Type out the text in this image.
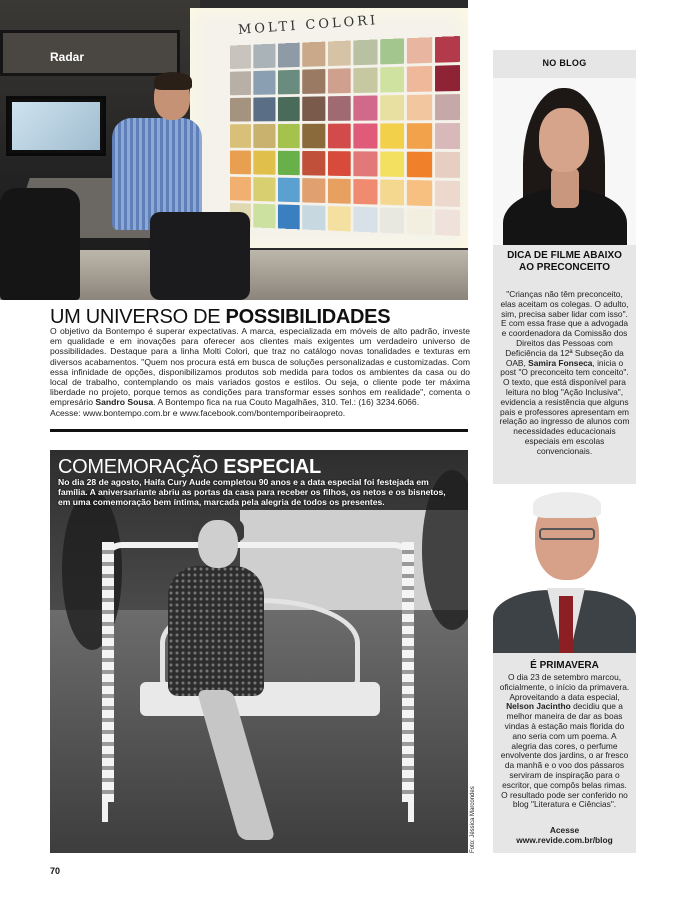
MOLTI COLORI
Radar
UM UNIVERSO DE POSSIBILIDADES
O objetivo da Bontempo é superar expectativas. A marca, especializada em móveis de alto padrão, investe em qualidade e em inovações para oferecer aos clientes mais exigentes um verdadeiro universo de possibilidades. Destaque para a linha Molti Colori, que traz no catálogo novas tonalidades e texturas em diversos acabamentos. "Quem nos procura está em busca de soluções personalizadas e customizadas. Com essa infinidade de opções, disponibilizamos produtos sob medida para todos os ambientes da casa ou do local de trabalho, contemplando os mais variados gostos e estilos. Ou seja, o cliente pode ter máxima liberdade no projeto, porque temos as condições para transformar esses sonhos em realidade", comenta o empresário Sandro Sousa. A Bontempo fica na rua Couto Magalhães, 310. Tel.: (16) 3234.6066.
Acesse: www.bontempo.com.br e www.facebook.com/bontemporibeiraopreto.
COMEMORAÇÃO ESPECIAL
No dia 28 de agosto, Haifa Cury Aude completou 90 anos e a data especial foi festejada em família. A aniversariante abriu as portas da casa para receber os filhos, os netos e os bisnetos, em uma comemoração bem íntima, marcada pela alegria de todos os presentes.
Foto: Jéssica Marcondes
NO BLOG
DICA DE FILME ABAIXO AO PRECONCEITO
"Crianças não têm preconceito, elas aceitam os colegas. O adulto, sim, precisa saber lidar com isso". E com essa frase que a advogada e coordenadora da Comissão dos Direitos das Pessoas com Deficiência da 12ª Subseção da OAB, Samira Fonseca, inicia o post "O preconceito tem conceito". O texto, que está disponível para leitura no blog "Ação Inclusiva", evidencia a resistência que alguns pais e professores apresentam em relação ao ingresso de alunos com necessidades educacionais especiais em escolas convencionais.
É PRIMAVERA
O dia 23 de setembro marcou, oficialmente, o início da primavera. Aproveitando a data especial, Nelson Jacintho decidiu que a melhor maneira de dar as boas vindas à estação mais florida do ano seria com um poema. A alegria das cores, o perfume envolvente dos jardins, o ar fresco da manhã e o voo dos pássaros serviram de inspiração para o escritor, que compôs belas rimas. O resultado pode ser conferido no blog "Literatura e Ciências".
Acesse
www.revide.com.br/blog
70
